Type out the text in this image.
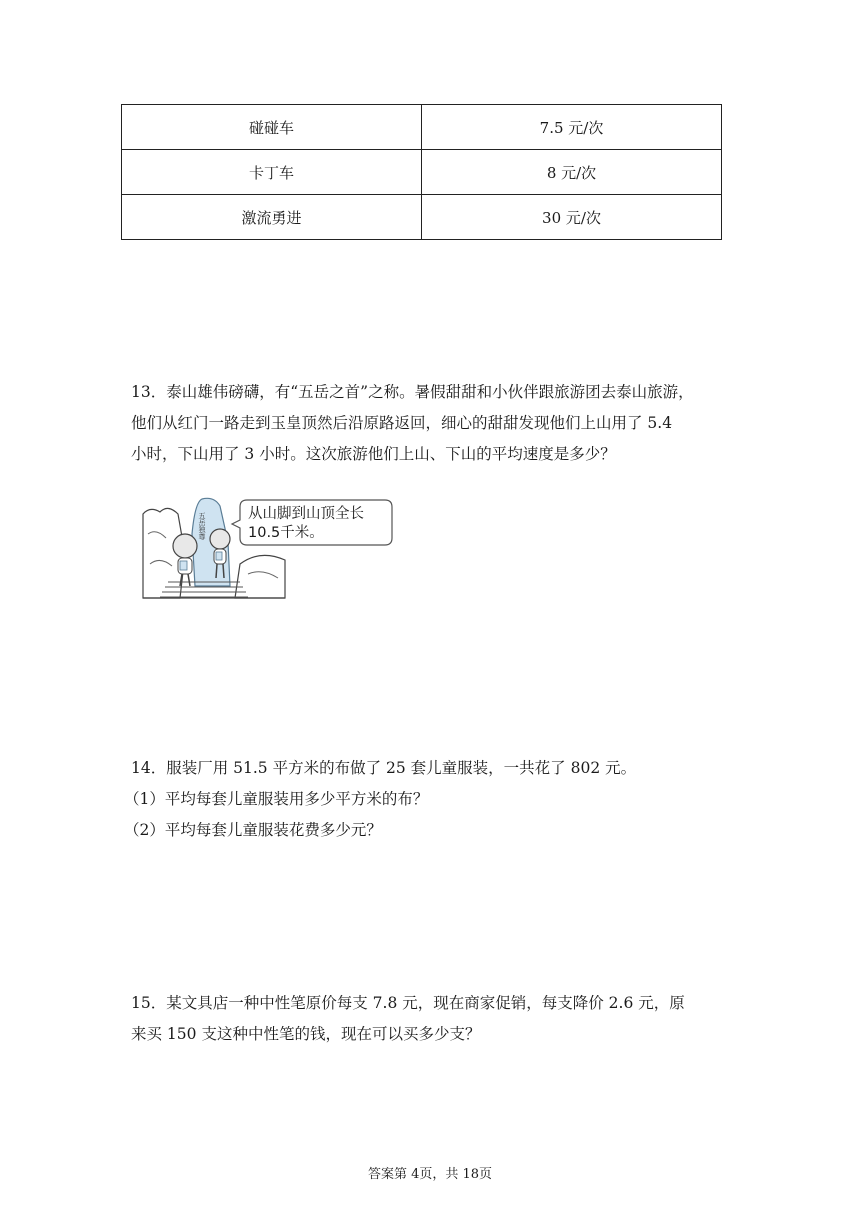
碰碰车	7.5 元/次
卡丁车	8 元/次
激流勇进	30 元/次

13．泰山雄伟磅礴，有“五岳之首”之称。暑假甜甜和小伙伴跟旅游团去泰山旅游，

他们从红门一路走到玉皇顶然后沿原路返回，细心的甜甜发现他们上山用了 5.4

小时，下山用了 3 小时。这次旅游他们上山、下山的平均速度是多少？

五岳独尊	从山脚到山顶全长
10.5千米。

14．服装厂用 51.5 平方米的布做了 25 套儿童服装，一共花了 802 元。

（1）平均每套儿童服装用多少平方米的布？

（2）平均每套儿童服装花费多少元？

15．某文具店一种中性笔原价每支 7.8 元，现在商家促销，每支降价 2.6 元，原

来买 150 支这种中性笔的钱，现在可以买多少支？

答案第 4页，共 18页
